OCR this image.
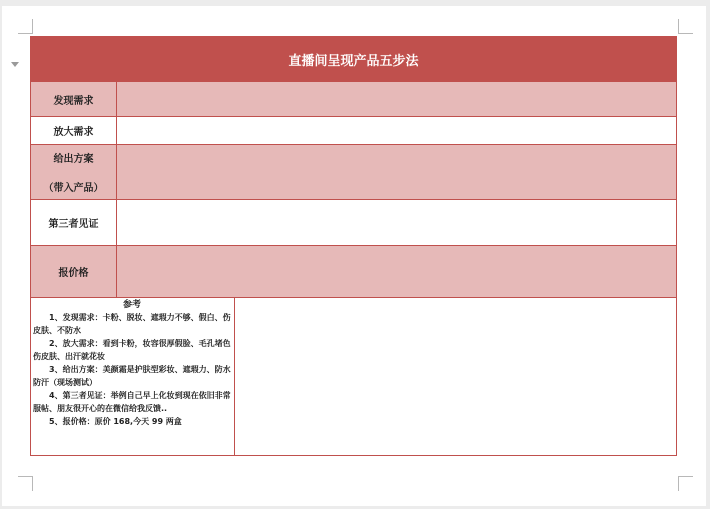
直播间呈现产品五步法
发现需求
放大需求
给出方案
（带入产品）
第三者见证
报价格
参考
1、发现需求：卡粉、脱妆、遮瑕力不够、假白、伤皮肤、不防水
2、放大需求：看到卡粉，妆容很厚假脸、毛孔堵色伤皮肤、出汗就花妆
3、给出方案：美颜霜是护肤型彩妆、遮瑕力、防水防汗（现场测试）
4、第三者见证：举例自己早上化妆到现在依旧非常服帖、朋友很开心的在微信给我反馈..
5、报价格：原价 168,今天 99 两盒
